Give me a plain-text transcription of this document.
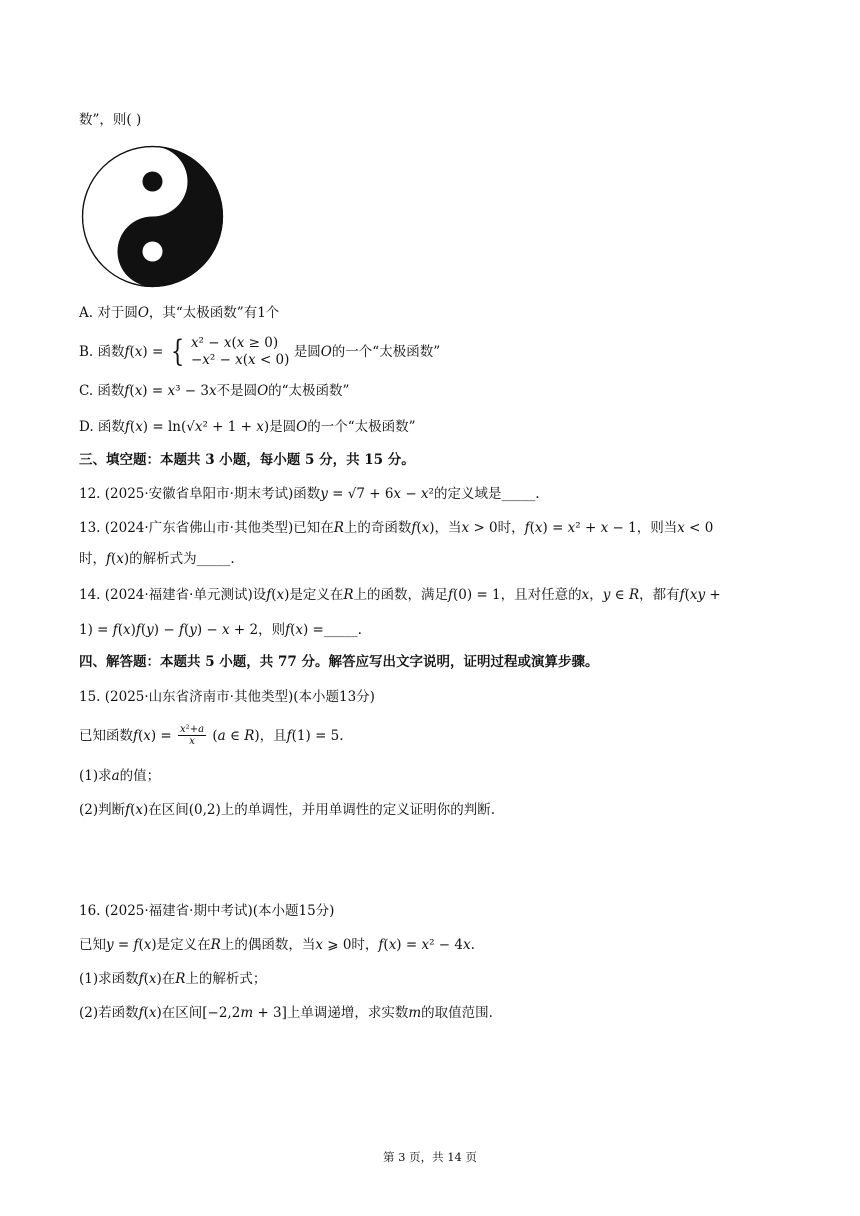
数”，则( )
A. 对于圆𝑂，其“太极函数”有1个
B. 函数𝑓(𝑥) = { 𝑥² − 𝑥(𝑥 ≥ 0)
−𝑥² − 𝑥(𝑥 < 0) 是圆𝑂的一个“太极函数”
C. 函数𝑓(𝑥) = 𝑥³ − 3𝑥不是圆𝑂的“太极函数”
D. 函数𝑓(𝑥) = ln(√𝑥² + 1 + 𝑥)是圆𝑂的一个“太极函数”
三、填空题：本题共 3 小题，每小题 5 分，共 15 分。
12. (2025·安徽省阜阳市·期末考试)函数𝑦 = √7 + 6𝑥 − 𝑥²的定义域是_____.
13. (2024·广东省佛山市·其他类型)已知在𝑅上的奇函数𝑓(𝑥)，当𝑥 > 0时，𝑓(𝑥) = 𝑥² + 𝑥 − 1，则当𝑥 < 0
时，𝑓(𝑥)的解析式为_____.
14. (2024·福建省·单元测试)设𝑓(𝑥)是定义在𝑅上的函数，满足𝑓(0) = 1，且对任意的𝑥，𝑦 ∈ 𝑅，都有𝑓(𝑥𝑦 +
1) = 𝑓(𝑥)𝑓(𝑦) − 𝑓(𝑦) − 𝑥 + 2，则𝑓(𝑥) =_____.
四、解答题：本题共 5 小题，共 77 分。解答应写出文字说明，证明过程或演算步骤。
15. (2025·山东省济南市·其他类型)(本小题13分)
已知函数𝑓(𝑥) = $\frac{\text{𝑥²+𝑎}}{\text{𝑥}}$ (𝑎 ∈ 𝑅)，且𝑓(1) = 5.
(1)求𝑎的值；
(2)判断𝑓(𝑥)在区间(0,2)上的单调性，并用单调性的定义证明你的判断.
16. (2025·福建省·期中考试)(本小题15分)
已知𝑦 = 𝑓(𝑥)是定义在𝑅上的偶函数，当𝑥 ⩾ 0时，𝑓(𝑥) = 𝑥² − 4𝑥.
(1)求函数𝑓(𝑥)在𝑅上的解析式；
(2)若函数𝑓(𝑥)在区间[−2,2𝑚 + 3]上单调递增，求实数𝑚的取值范围.
第 3 页，共 14 页
